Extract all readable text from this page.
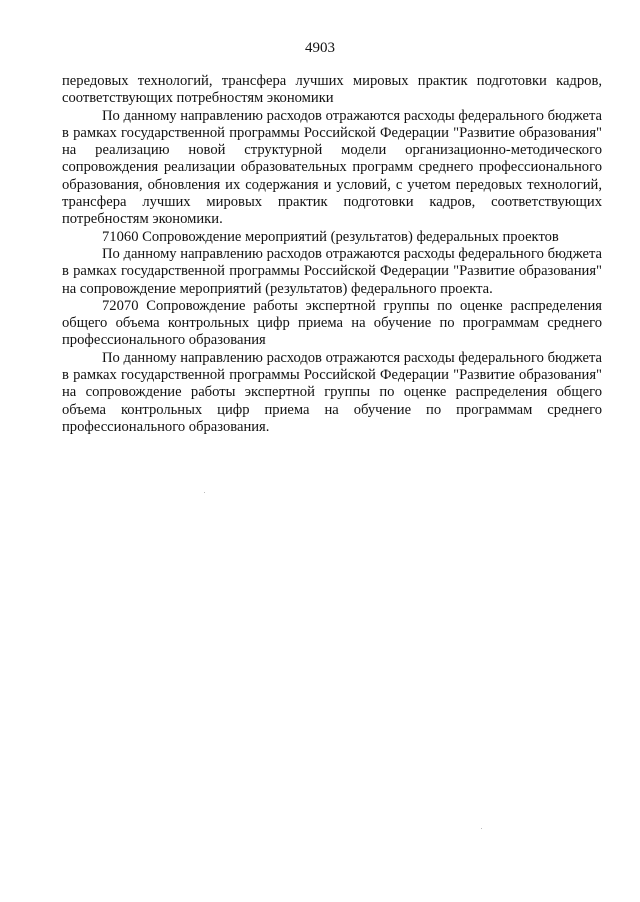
4903

передовых технологий, трансфера лучших мировых практик подготовки кадров, соответствующих потребностям экономики

По данному направлению расходов отражаются расходы федерального бюджета в рамках государственной программы Российской Федерации "Развитие образования" на реализацию новой структурной модели организационно-методического сопровождения реализации образовательных программ среднего профессионального образования, обновления их содержания и условий, с учетом передовых технологий, трансфера лучших мировых практик подготовки кадров, соответствующих потребностям экономики.

71060 Сопровождение мероприятий (результатов) федеральных проектов

По данному направлению расходов отражаются расходы федерального бюджета в рамках государственной программы Российской Федерации "Развитие образования" на сопровождение мероприятий (результатов) федерального проекта.

72070 Сопровождение работы экспертной группы по оценке распределения общего объема контрольных цифр приема на обучение по программам среднего профессионального образования

По данному направлению расходов отражаются расходы федерального бюджета в рамках государственной программы Российской Федерации "Развитие образования" на сопровождение работы экспертной группы по оценке распределения общего объема контрольных цифр приема на обучение по программам среднего профессионального образования.
